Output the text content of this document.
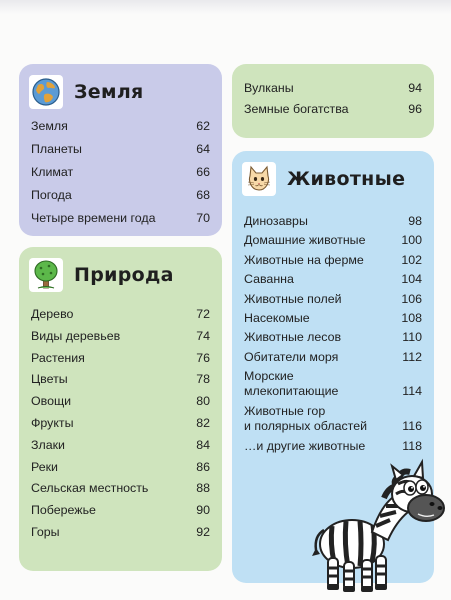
Земля
Земля	62
Планеты	64
Климат	66
Погода	68
Четыре времени года	70
Природа
Дерево	72
Виды деревьев	74
Растения	76
Цветы	78
Овощи	80
Фрукты	82
Злаки	84
Реки	86
Сельская местность	88
Побережье	90
Горы	92
Вулканы	94
Земные богатства	96
Животные
Динозавры	98
Домашние животные	100
Животные на ферме	102
Саванна	104
Животные полей	106
Насекомые	108
Животные лесов	110
Обитатели моря	112
Морские
млекопитающие	114
Животные гор
и полярных областей	116
…и другие животные	118
